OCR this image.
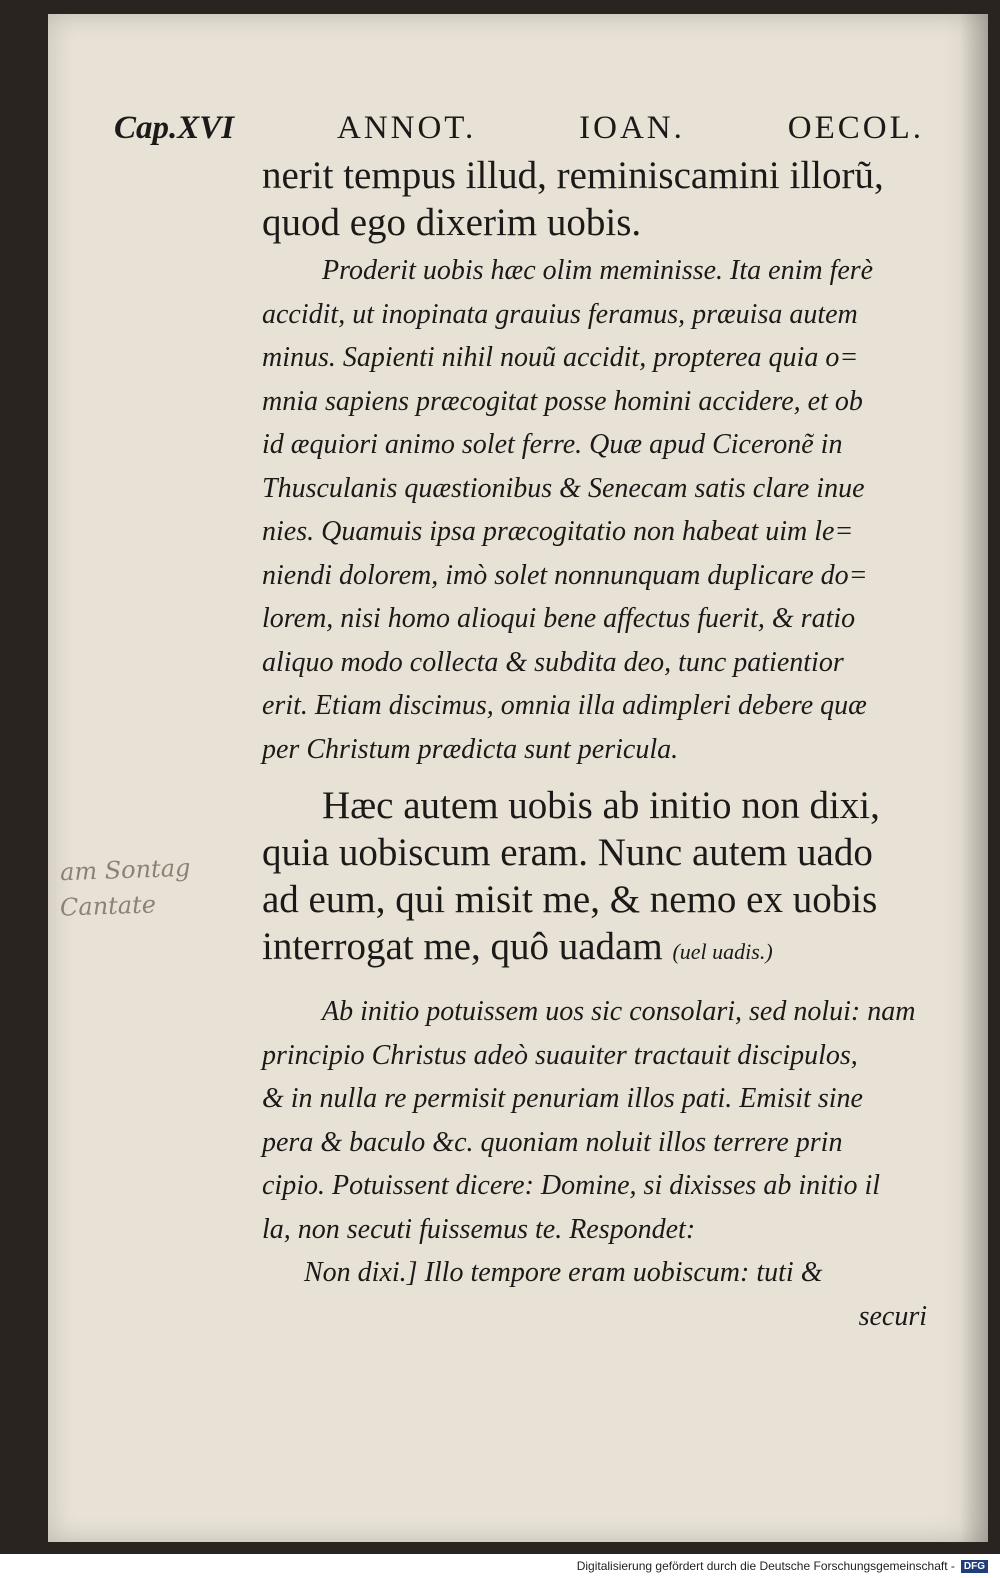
Cap.XVI	ANNOT.	IOAN.	OECOL.
nerit tempus illud, reminiscamini illorũ,
quod ego dixerim uobis.
Proderit uobis hæc olim meminisse. Ita enim ferè
accidit, ut inopinata grauius feramus, præuisa autem
minus. Sapienti nihil nouũ accidit, propterea quia o=
mnia sapiens præcogitat posse homini accidere, et ob
id æquiori animo solet ferre. Quæ apud Ciceronẽ in
Thusculanis quæstionibus & Senecam satis clare inue
nies. Quamuis ipsa præcogitatio non habeat uim le=
niendi dolorem, imò solet nonnunquam duplicare do=
lorem, nisi homo alioqui bene affectus fuerit, & ratio
aliquo modo collecta & subdita deo, tunc patientior
erit. Etiam discimus, omnia illa adimpleri debere quæ
per Christum prædicta sunt pericula.
Hæc autem uobis ab initio non dixi,
quia uobiscum eram. Nunc autem uado
ad eum, qui misit me, & nemo ex uobis
interrogat me, quô uadam (uel uadis.)
Ab initio potuissem uos sic consolari, sed nolui: nam
principio Christus adeò suauiter tractauit discipulos,
& in nulla re permisit penuriam illos pati. Emisit sine
pera & baculo &c. quoniam noluit illos terrere prin
cipio. Potuissent dicere: Domine, si dixisses ab initio il
la, non secuti fuissemus te. Respondet:
Non dixi.] Illo tempore eram uobiscum: tuti &
securi
am Sontag
Cantate
Digitalisierung gefördert durch die Deutsche Forschungsgemeinschaft - DFG
